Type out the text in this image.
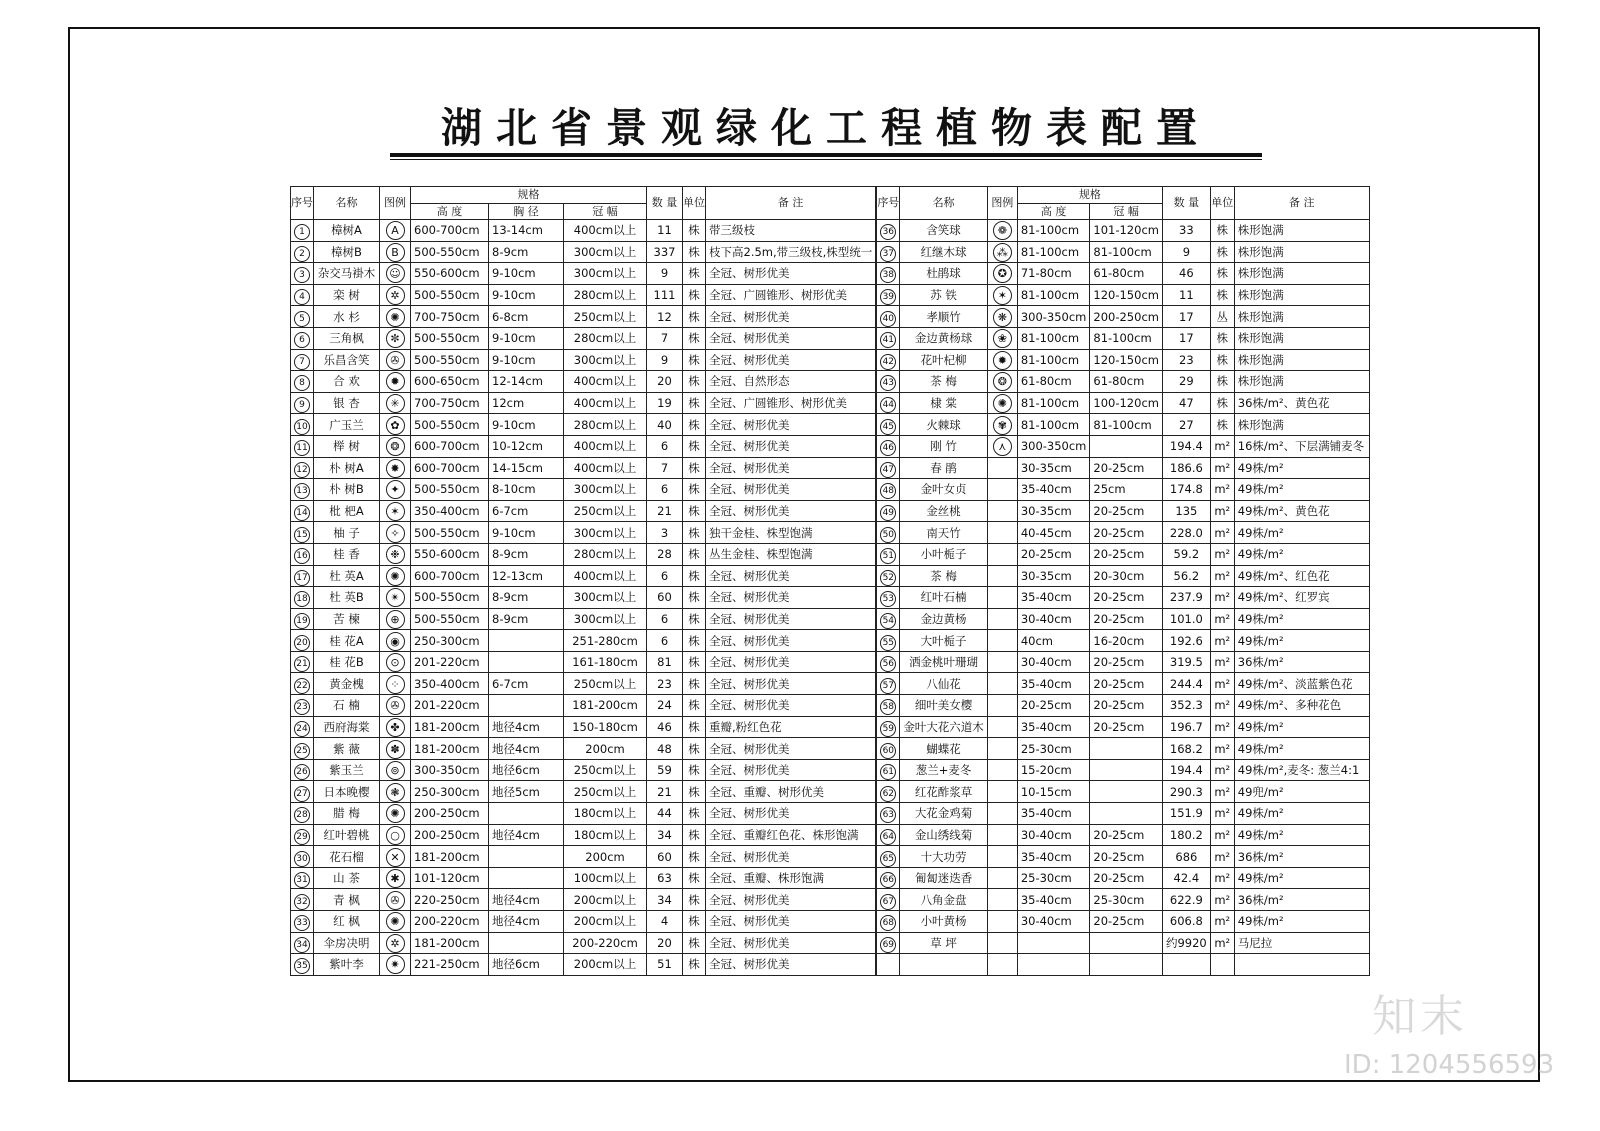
湖北省景观绿化工程植物表配置
序号	名称	图例	规格			数 量	单位	备 注
			高 度	胸 径	冠 幅			
1	樟树A	A	600-700cm	13-14cm	400cm以上	11	株	带三级枝
2	樟树B	B	500-550cm	8-9cm	300cm以上	337	株	枝下高2.5m,带三级枝,株型统一
3	杂交马褂木	☺	550-600cm	9-10cm	300cm以上	9	株	全冠、树形优美
4	栾 树	✲	500-550cm	9-10cm	280cm以上	111	株	全冠、广圆锥形、树形优美
5	水 杉	✺	700-750cm	6-8cm	250cm以上	12	株	全冠、树形优美
6	三角枫	✼	500-550cm	9-10cm	280cm以上	7	株	全冠、树形优美
7	乐昌含笑	✇	500-550cm	9-10cm	300cm以上	9	株	全冠、树形优美
8	合 欢	✹	600-650cm	12-14cm	400cm以上	20	株	全冠、自然形态
9	银 杏	✳	700-750cm	12cm	400cm以上	19	株	全冠、广圆锥形、树形优美
10	广玉兰	✿	500-550cm	9-10cm	280cm以上	40	株	全冠、树形优美
11	榉 树	❂	600-700cm	10-12cm	400cm以上	6	株	全冠、树形优美
12	朴 树A	✸	600-700cm	14-15cm	400cm以上	7	株	全冠、树形优美
13	朴 树B	✦	500-550cm	8-10cm	300cm以上	6	株	全冠、树形优美
14	枇 杷A	✶	350-400cm	6-7cm	250cm以上	21	株	全冠、树形优美
15	柚 子	✧	500-550cm	9-10cm	300cm以上	3	株	独干金桂、株型饱满
16	桂 香	❉	550-600cm	8-9cm	280cm以上	28	株	丛生金桂、株型饱满
17	杜 英A	✺	600-700cm	12-13cm	400cm以上	6	株	全冠、树形优美
18	杜 英B	✴	500-550cm	8-9cm	300cm以上	60	株	全冠、树形优美
19	苦 楝	⊕	500-550cm	8-9cm	300cm以上	6	株	全冠、树形优美
20	桂 花A	◉	250-300cm		251-280cm	6	株	全冠、树形优美
21	桂 花B	⊙	201-220cm		161-180cm	81	株	全冠、树形优美
22	黄金槐	⁘	350-400cm	6-7cm	250cm以上	23	株	全冠、树形优美
23	石 楠	✇	201-220cm		181-200cm	24	株	全冠、树形优美
24	西府海棠	✤	181-200cm	地径4cm	150-180cm	46	株	重瓣,粉红色花
25	紫 薇	✽	181-200cm	地径4cm	200cm	48	株	全冠、树形优美
26	紫玉兰	⊚	300-350cm	地径6cm	250cm以上	59	株	全冠、树形优美
27	日本晚樱	❃	250-300cm	地径5cm	250cm以上	21	株	全冠、重瓣、树形优美
28	腊 梅	✺	200-250cm		180cm以上	44	株	全冠、树形优美
29	红叶碧桃	○	200-250cm	地径4cm	180cm以上	34	株	全冠、重瓣红色花、株形饱满
30	花石榴	✕	181-200cm		200cm	60	株	全冠、树形优美
31	山 茶	✱	101-120cm		100cm以上	63	株	全冠、重瓣、株形饱满
32	青 枫	✇	220-250cm	地径4cm	200cm以上	34	株	全冠、树形优美
33	红 枫	✺	200-220cm	地径4cm	200cm以上	4	株	全冠、树形优美
34	伞房决明	✲	181-200cm		200-220cm	20	株	全冠、树形优美
35	紫叶李	✷	221-250cm	地径6cm	200cm以上	51	株	全冠、树形优美
序号	名称	图例	规格		数 量	单位	备 注
			高 度	冠 幅			
36	含笑球	❁	81-100cm	101-120cm	33	株	株形饱满
37	红继木球	⁂	81-100cm	81-100cm	9	株	株形饱满
38	杜鹃球	✪	71-80cm	61-80cm	46	株	株形饱满
39	苏 铁	✶	81-100cm	120-150cm	11	株	株形饱满
40	孝顺竹	❋	300-350cm	200-250cm	17	丛	株形饱满
41	金边黄杨球	❀	81-100cm	81-100cm	17	株	株形饱满
42	花叶杞柳	✹	81-100cm	120-150cm	23	株	株形饱满
43	茶 梅	❂	61-80cm	61-80cm	29	株	株形饱满
44	棣 棠	✺	81-100cm	100-120cm	47	株	36株/m²、黄色花
45	火棘球	✾	81-100cm	81-100cm	27	株	株形饱满
46	刚 竹	⋏	300-350cm		194.4	m²	16株/m²、下层满铺麦冬
47	春 鹃		30-35cm	20-25cm	186.6	m²	49株/m²
48	金叶女贞		35-40cm	25cm	174.8	m²	49株/m²
49	金丝桃		30-35cm	20-25cm	135	m²	49株/m²、黄色花
50	南天竹		40-45cm	20-25cm	228.0	m²	49株/m²
51	小叶栀子		20-25cm	20-25cm	59.2	m²	49株/m²
52	茶 梅		30-35cm	20-30cm	56.2	m²	49株/m²、红色花
53	红叶石楠		35-40cm	20-25cm	237.9	m²	49株/m²、红罗宾
54	金边黄杨		30-40cm	20-25cm	101.0	m²	49株/m²
55	大叶栀子		40cm	16-20cm	192.6	m²	49株/m²
56	洒金桃叶珊瑚		30-40cm	20-25cm	319.5	m²	36株/m²
57	八仙花		35-40cm	20-25cm	244.4	m²	49株/m²、淡蓝紫色花
58	细叶美女樱		20-25cm	20-25cm	352.3	m²	49株/m²、多种花色
59	金叶大花六道木		35-40cm	20-25cm	196.7	m²	49株/m²
60	蝴蝶花		25-30cm		168.2	m²	49株/m²
61	葱兰+麦冬		15-20cm		194.4	m²	49株/m²,麦冬: 葱兰4:1
62	红花酢浆草		10-15cm		290.3	m²	49兜/m²
63	大花金鸡菊		35-40cm		151.9	m²	49株/m²
64	金山绣线菊		30-40cm	20-25cm	180.2	m²	49株/m²
65	十大功劳		35-40cm	20-25cm	686	m²	36株/m²
66	匍匐迷迭香		25-30cm	20-25cm	42.4	m²	49株/m²
67	八角金盘		35-40cm	25-30cm	622.9	m²	36株/m²
68	小叶黄杨		30-40cm	20-25cm	606.8	m²	49株/m²
69	草 坪				约9920	m²	马尼拉

知末
ID: 1204556593
